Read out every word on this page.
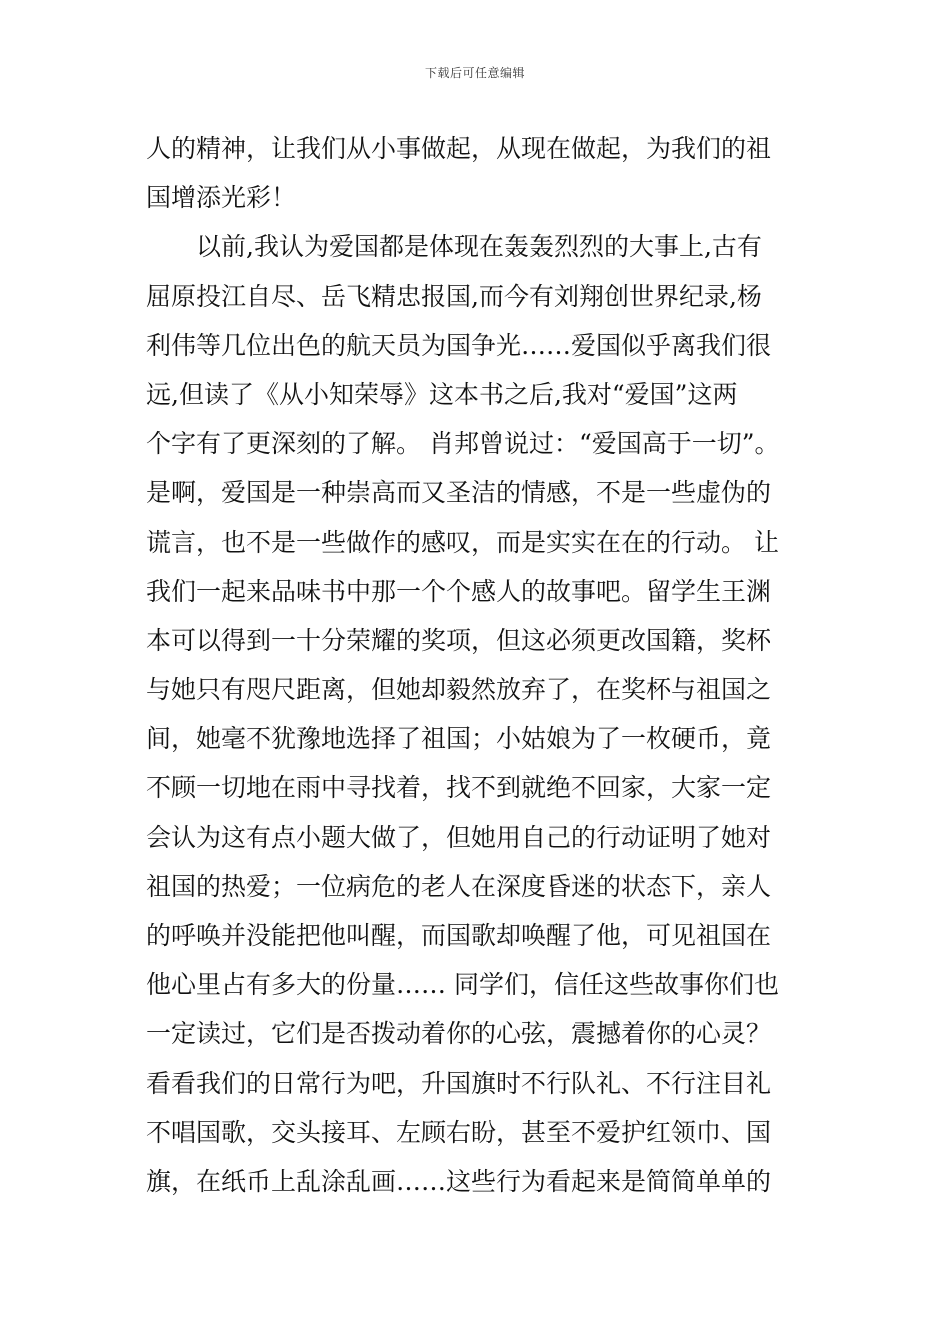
下载后可任意编辑
人的精神，让我们从小事做起，从现在做起，为我们的祖
国增添光彩！
　　以前,我认为爱国都是体现在轰轰烈烈的大事上,古有
屈原投江自尽、岳飞精忠报国,而今有刘翔创世界纪录,杨
利伟等几位出色的航天员为国争光……爱国似乎离我们很
远,但读了《从小知荣辱》这本书之后,我对“爱国”这两
个字有了更深刻的了解。 肖邦曾说过：“爱国高于一切”。
是啊，爱国是一种崇高而又圣洁的情感，不是一些虚伪的
谎言，也不是一些做作的感叹，而是实实在在的行动。 让
我们一起来品味书中那一个个感人的故事吧。留学生王渊
本可以得到一十分荣耀的奖项，但这必须更改国籍，奖杯
与她只有咫尺距离，但她却毅然放弃了，在奖杯与祖国之
间，她毫不犹豫地选择了祖国；小姑娘为了一枚硬币，竟
不顾一切地在雨中寻找着，找不到就绝不回家，大家一定
会认为这有点小题大做了，但她用自己的行动证明了她对
祖国的热爱；一位病危的老人在深度昏迷的状态下，亲人
的呼唤并没能把他叫醒，而国歌却唤醒了他，可见祖国在
他心里占有多大的份量…… 同学们，信任这些故事你们也
一定读过，它们是否拨动着你的心弦，震撼着你的心灵？
看看我们的日常行为吧，升国旗时不行队礼、不行注目礼
不唱国歌，交头接耳、左顾右盼，甚至不爱护红领巾、国
旗，在纸币上乱涂乱画……这些行为看起来是简简单单的
